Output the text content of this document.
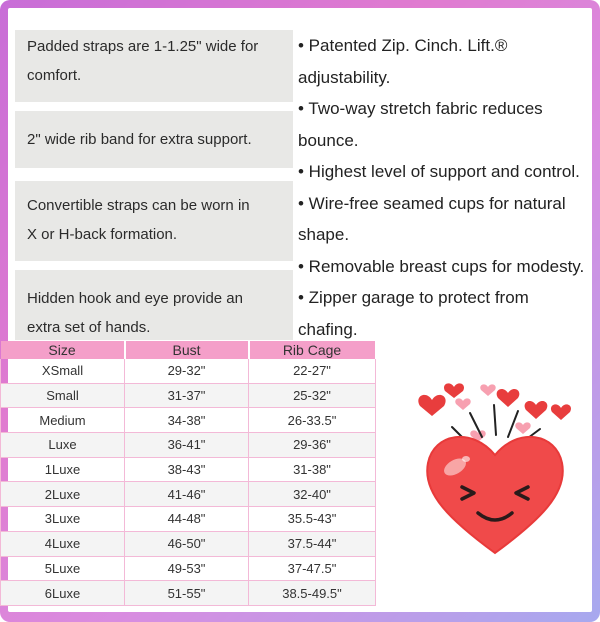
Padded straps are 1-1.25" wide for
comfort.
2" wide rib band for extra support.
Convertible straps can be worn in
X or H-back formation.
Hidden hook and eye provide an
extra set of hands.
• Patented Zip. Cinch. Lift.®
adjustability.
• Two-way stretch fabric reduces
bounce.
• Highest level of support and control.
• Wire-free seamed cups for natural
shape.
• Removable breast cups for modesty.
• Zipper garage to protect from
chafing.
Size	Bust	Rib Cage
XSmall	29-32"	22-27"
Small	31-37"	25-32"
Medium	34-38"	26-33.5"
Luxe	36-41"	29-36"
1Luxe	38-43"	31-38"
2Luxe	41-46"	32-40"
3Luxe	44-48"	35.5-43"
4Luxe	46-50"	37.5-44"
5Luxe	49-53"	37-47.5"
6Luxe	51-55"	38.5-49.5"
